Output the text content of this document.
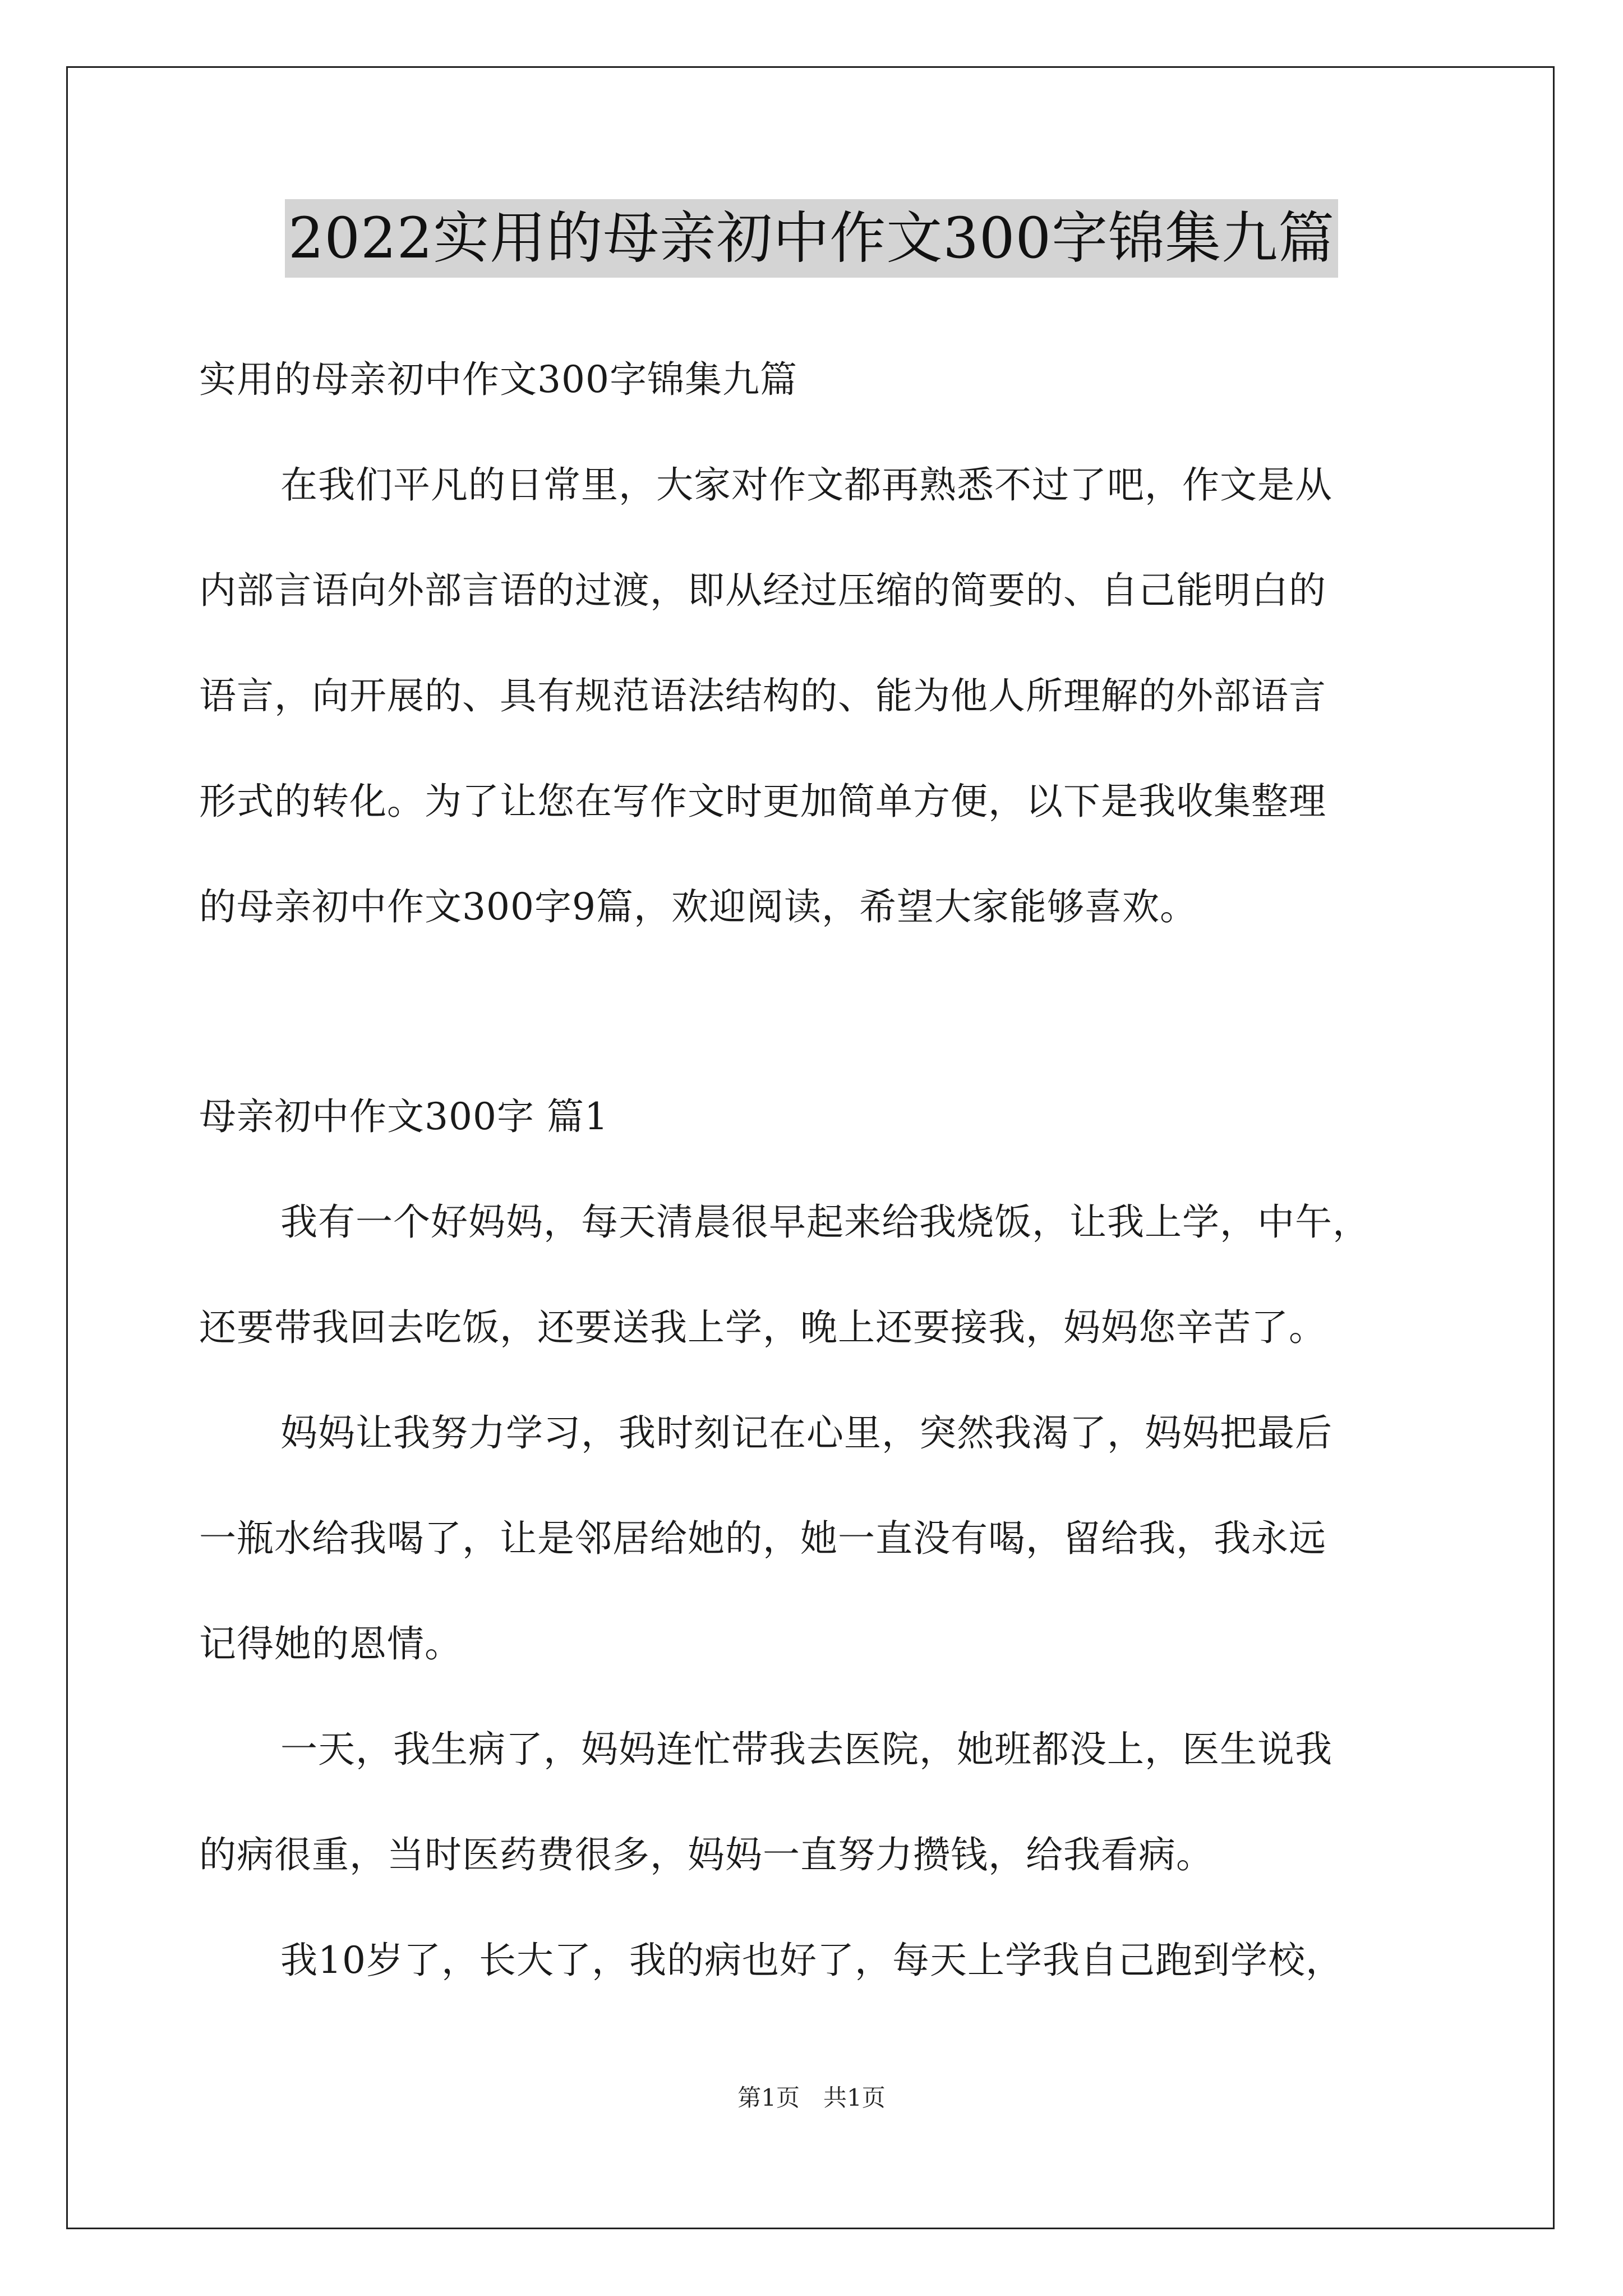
2022实用的母亲初中作文300字锦集九篇
实用的母亲初中作文300字锦集九篇
在我们平凡的日常里，大家对作文都再熟悉不过了吧，作文是从
内部言语向外部言语的过渡，即从经过压缩的简要的、自己能明白的
语言，向开展的、具有规范语法结构的、能为他人所理解的外部语言
形式的转化。为了让您在写作文时更加简单方便，以下是我收集整理
的母亲初中作文300字9篇，欢迎阅读，希望大家能够喜欢。
母亲初中作文300字 篇1
我有一个好妈妈，每天清晨很早起来给我烧饭，让我上学，中午，
还要带我回去吃饭，还要送我上学，晚上还要接我，妈妈您辛苦了。
妈妈让我努力学习，我时刻记在心里，突然我渴了，妈妈把最后
一瓶水给我喝了，让是邻居给她的，她一直没有喝，留给我，我永远
记得她的恩情。
一天，我生病了，妈妈连忙带我去医院，她班都没上，医生说我
的病很重，当时医药费很多，妈妈一直努力攒钱，给我看病。
我10岁了，长大了，我的病也好了，每天上学我自己跑到学校，
第1页　共1页
